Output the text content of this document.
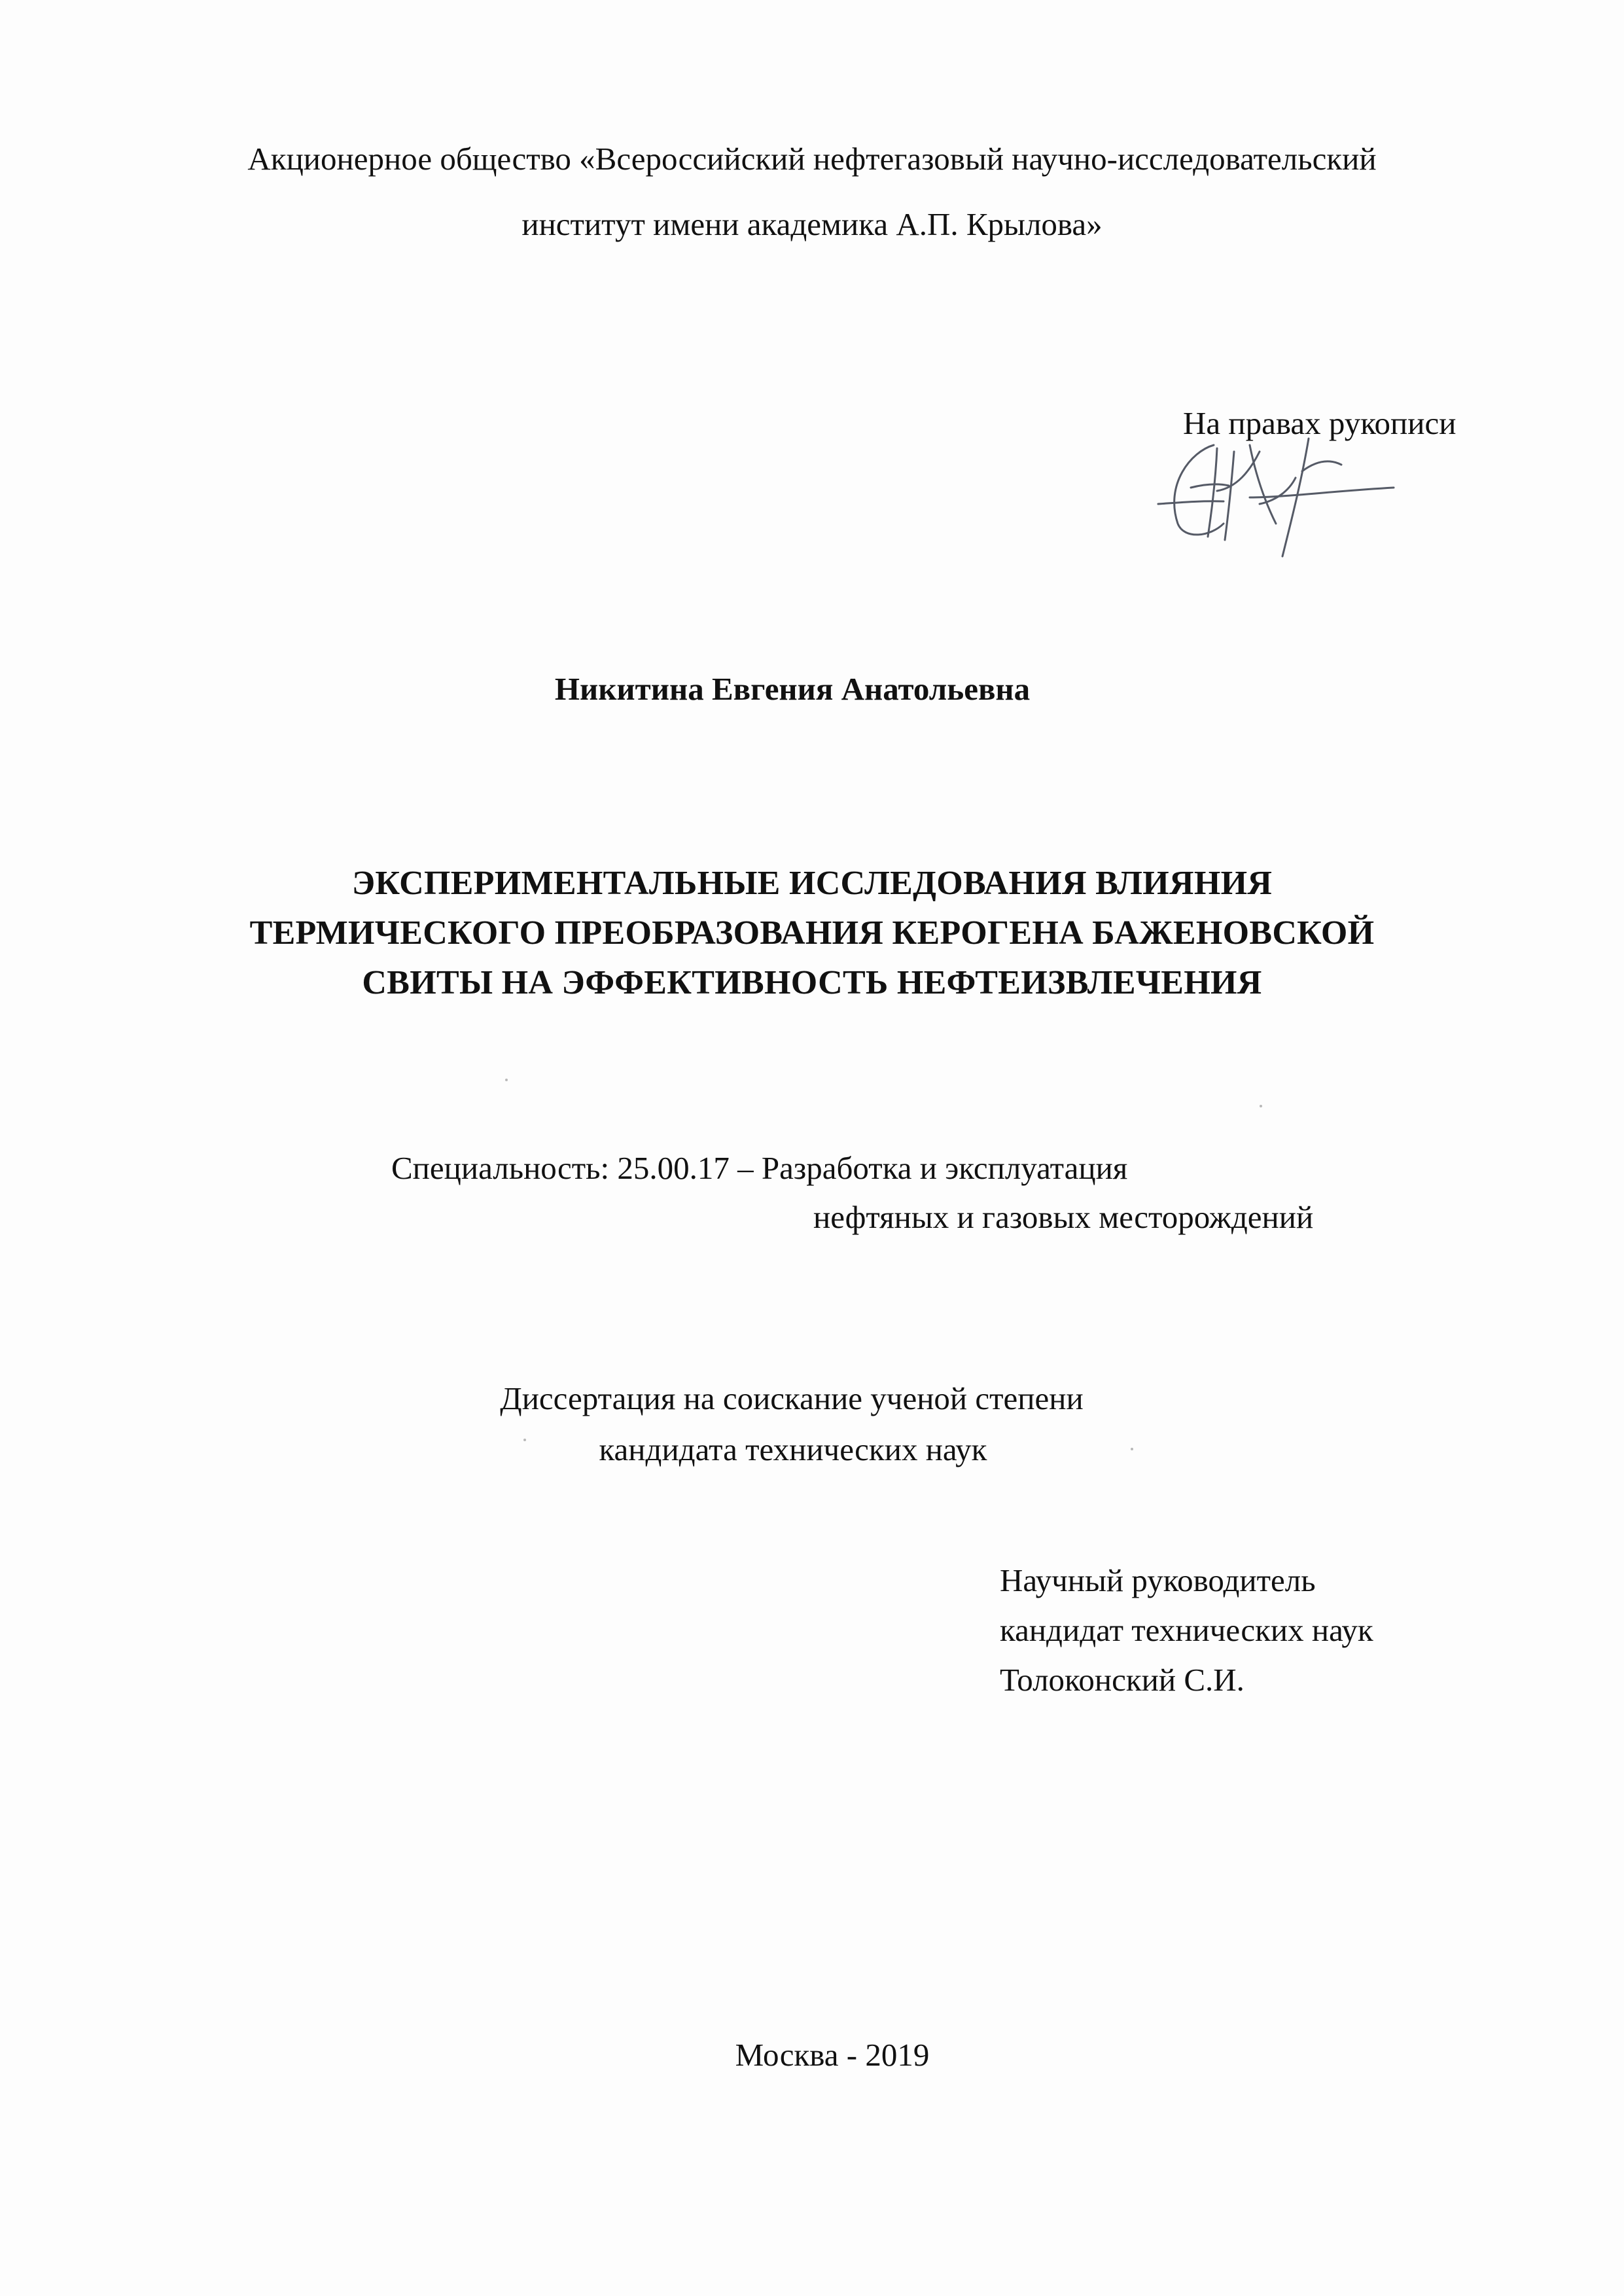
Акционерное общество «Всероссийский нефтегазовый научно-исследовательский
институт имени академика А.П. Крылова»
На правах рукописи
Никитина Евгения Анатольевна
ЭКСПЕРИМЕНТАЛЬНЫЕ ИССЛЕДОВАНИЯ ВЛИЯНИЯ
ТЕРМИЧЕСКОГО ПРЕОБРАЗОВАНИЯ КЕРОГЕНА БАЖЕНОВСКОЙ
СВИТЫ НА ЭФФЕКТИВНОСТЬ НЕФТЕИЗВЛЕЧЕНИЯ
Специальность: 25.00.17 – Разработка и эксплуатация
нефтяных и газовых месторождений
Диссертация на соискание ученой степени
кандидата технических наук
Научный руководитель
кандидат технических наук
Толоконский С.И.
Москва - 2019
